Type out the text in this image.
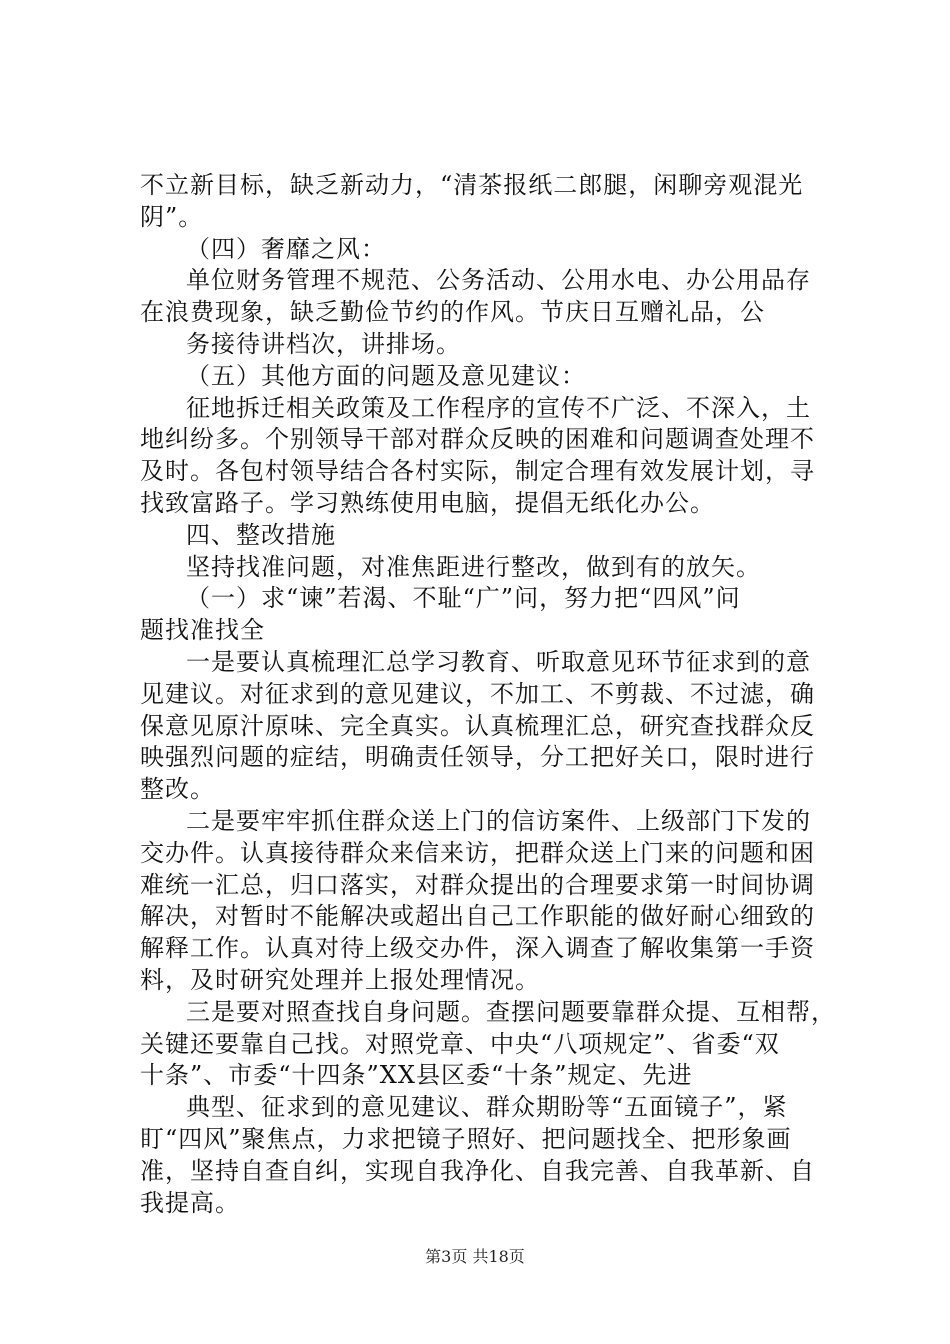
不立新目标，缺乏新动力，“清茶报纸二郎腿，闲聊旁观混光
阴”。
（四）奢靡之风：
单位财务管理不规范、公务活动、公用水电、办公用品存
在浪费现象，缺乏勤俭节约的作风。节庆日互赠礼品，公
务接待讲档次，讲排场。
（五）其他方面的问题及意见建议：
征地拆迁相关政策及工作程序的宣传不广泛、不深入，土
地纠纷多。个别领导干部对群众反映的困难和问题调查处理不
及时。各包村领导结合各村实际，制定合理有效发展计划，寻
找致富路子。学习熟练使用电脑，提倡无纸化办公。
四、整改措施
坚持找准问题，对准焦距进行整改，做到有的放矢。
（一）求“谏”若渴、不耻“广”问，努力把“四风”问
题找准找全
一是要认真梳理汇总学习教育、听取意见环节征求到的意
见建议。对征求到的意见建议，不加工、不剪裁、不过滤，确
保意见原汁原味、完全真实。认真梳理汇总，研究查找群众反
映强烈问题的症结，明确责任领导，分工把好关口，限时进行
整改。
二是要牢牢抓住群众送上门的信访案件、上级部门下发的
交办件。认真接待群众来信来访，把群众送上门来的问题和困
难统一汇总，归口落实，对群众提出的合理要求第一时间协调
解决，对暂时不能解决或超出自己工作职能的做好耐心细致的
解释工作。认真对待上级交办件，深入调查了解收集第一手资
料，及时研究处理并上报处理情况。
三是要对照查找自身问题。查摆问题要靠群众提、互相帮，
关键还要靠自己找。对照党章、中央“八项规定”、省委“双
十条”、市委“十四条”XX县区委“十条”规定、先进
典型、征求到的意见建议、群众期盼等“五面镜子”，紧
盯“四风”聚焦点，力求把镜子照好、把问题找全、把形象画
准，坚持自查自纠，实现自我净化、自我完善、自我革新、自
我提高。

第3页 共18页
